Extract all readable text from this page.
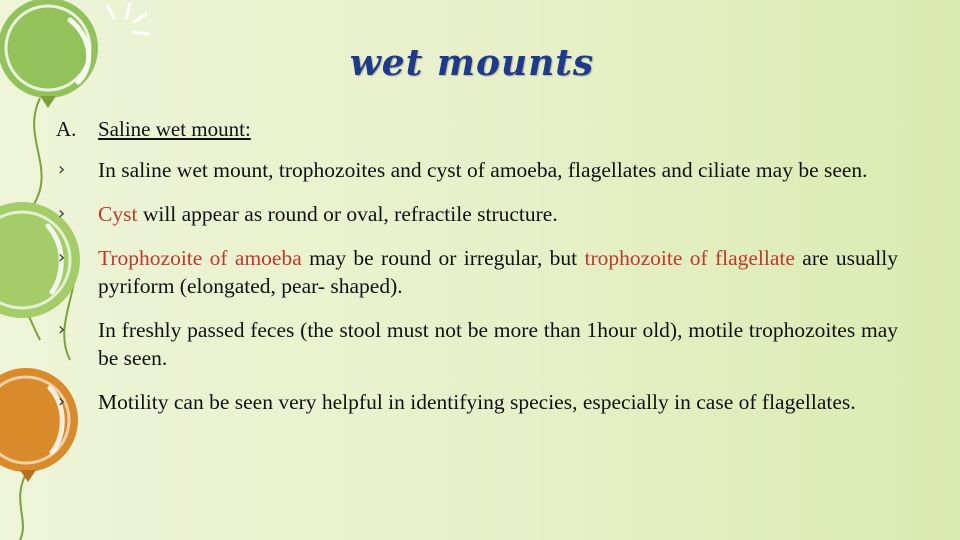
wet mounts
A. Saline wet mount:

› In saline wet mount, trophozoites and cyst of amoeba, flagellates and ciliate may be seen.

› Cyst will appear as round or oval, refractile structure.

› Trophozoite of amoeba may be round or irregular, but trophozoite of flagellate are usually pyriform (elongated, pear- shaped).

› In freshly passed feces (the stool must not be more than 1hour old), motile trophozoites may be seen.

› Motility can be seen very helpful in identifying species, especially in case of flagellates.
